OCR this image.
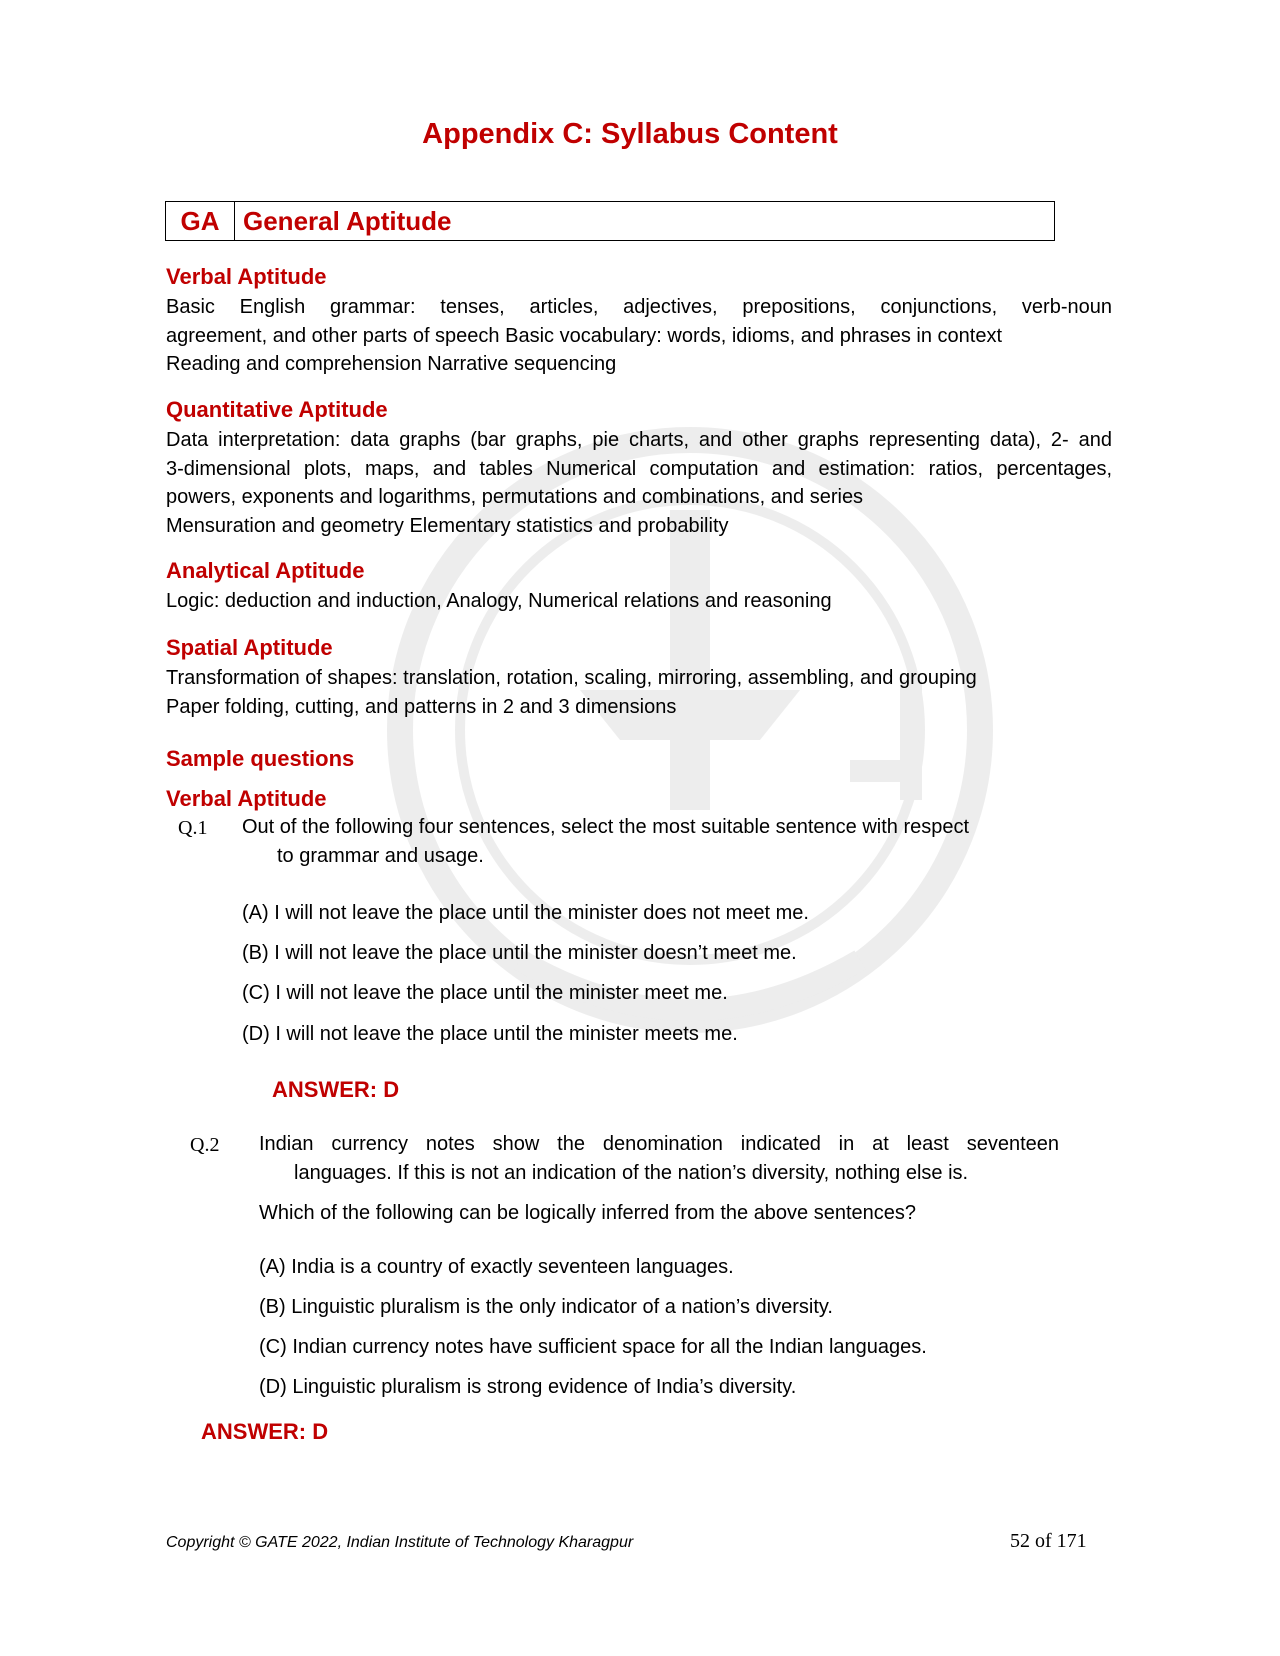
Appendix C: Syllabus Content
GA General Aptitude
Verbal Aptitude
Basic English grammar: tenses, articles, adjectives, prepositions, conjunctions, verb-noun
agreement, and other parts of speech Basic vocabulary: words, idioms, and phrases in context
Reading and comprehension Narrative sequencing
Quantitative Aptitude
Data interpretation: data graphs (bar graphs, pie charts, and other graphs representing data), 2- and
3-dimensional plots, maps, and tables Numerical computation and estimation: ratios, percentages,
powers, exponents and logarithms, permutations and combinations, and series
Mensuration and geometry Elementary statistics and probability
Analytical Aptitude
Logic: deduction and induction, Analogy, Numerical relations and reasoning
Spatial Aptitude
Transformation of shapes: translation, rotation, scaling, mirroring, assembling, and grouping
Paper folding, cutting, and patterns in 2 and 3 dimensions
Sample questions
Verbal Aptitude
Q.1 Out of the following four sentences, select the most suitable sentence with respect
to grammar and usage.
(A) I will not leave the place until the minister does not meet me.
(B) I will not leave the place until the minister doesn’t meet me.
(C) I will not leave the place until the minister meet me.
(D) I will not leave the place until the minister meets me.
ANSWER: D
Q.2 Indian currency notes show the denomination indicated in at least seventeen
languages. If this is not an indication of the nation’s diversity, nothing else is.
Which of the following can be logically inferred from the above sentences?
(A) India is a country of exactly seventeen languages.
(B) Linguistic pluralism is the only indicator of a nation’s diversity.
(C) Indian currency notes have sufficient space for all the Indian languages.
(D) Linguistic pluralism is strong evidence of India’s diversity.
ANSWER: D
Copyright © GATE 2022, Indian Institute of Technology Kharagpur	52 of 171
